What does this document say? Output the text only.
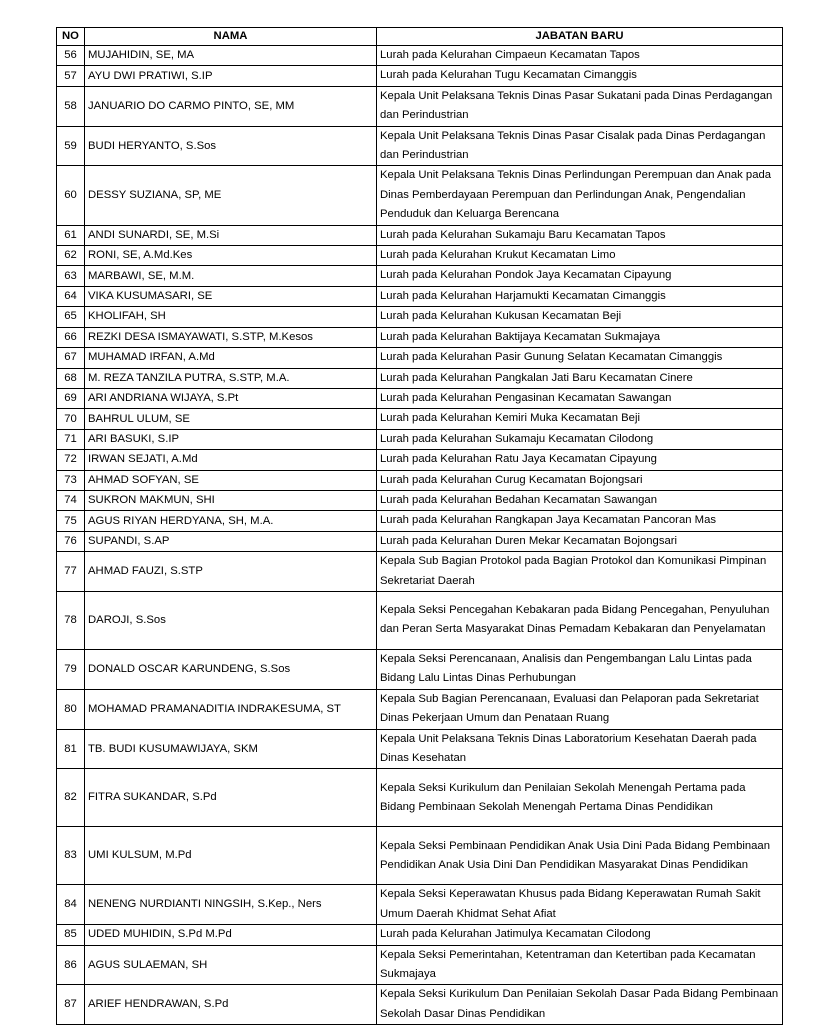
NO	NAMA	JABATAN BARU
56	MUJAHIDIN, SE, MA	Lurah pada Kelurahan Cimpaeun Kecamatan Tapos
57	AYU DWI PRATIWI, S.IP	Lurah pada Kelurahan Tugu Kecamatan Cimanggis
58	JANUARIO DO CARMO PINTO, SE, MM	Kepala Unit Pelaksana Teknis Dinas Pasar Sukatani pada Dinas Perdagangan dan Perindustrian
59	BUDI HERYANTO, S.Sos	Kepala Unit Pelaksana Teknis Dinas Pasar Cisalak pada Dinas Perdagangan dan Perindustrian
60	DESSY SUZIANA, SP, ME	Kepala Unit Pelaksana Teknis Dinas Perlindungan Perempuan dan Anak pada Dinas Pemberdayaan Perempuan dan Perlindungan Anak, Pengendalian Penduduk dan Keluarga Berencana
61	ANDI SUNARDI, SE, M.Si	Lurah pada Kelurahan Sukamaju Baru Kecamatan Tapos
62	RONI, SE, A.Md.Kes	Lurah pada Kelurahan Krukut Kecamatan Limo
63	MARBAWI, SE, M.M.	Lurah pada Kelurahan Pondok Jaya Kecamatan Cipayung
64	VIKA KUSUMASARI, SE	Lurah pada Kelurahan Harjamukti Kecamatan Cimanggis
65	KHOLIFAH, SH	Lurah pada Kelurahan Kukusan Kecamatan Beji
66	REZKI DESA ISMAYAWATI, S.STP, M.Kesos	Lurah pada Kelurahan Baktijaya Kecamatan Sukmajaya
67	MUHAMAD IRFAN, A.Md	Lurah pada Kelurahan Pasir Gunung Selatan Kecamatan Cimanggis
68	M. REZA TANZILA PUTRA, S.STP, M.A.	Lurah pada Kelurahan Pangkalan Jati Baru Kecamatan Cinere
69	ARI ANDRIANA WIJAYA, S.Pt	Lurah pada Kelurahan Pengasinan Kecamatan Sawangan
70	BAHRUL ULUM, SE	Lurah pada Kelurahan Kemiri Muka Kecamatan Beji
71	ARI BASUKI, S.IP	Lurah pada Kelurahan Sukamaju Kecamatan Cilodong
72	IRWAN SEJATI, A.Md	Lurah pada Kelurahan Ratu Jaya Kecamatan Cipayung
73	AHMAD SOFYAN, SE	Lurah pada Kelurahan Curug Kecamatan Bojongsari
74	SUKRON MAKMUN, SHI	Lurah pada Kelurahan Bedahan Kecamatan Sawangan
75	AGUS RIYAN HERDYANA, SH, M.A.	Lurah pada Kelurahan Rangkapan Jaya Kecamatan Pancoran Mas
76	SUPANDI, S.AP	Lurah pada Kelurahan Duren Mekar Kecamatan Bojongsari
77	AHMAD FAUZI, S.STP	Kepala Sub Bagian Protokol pada Bagian Protokol dan Komunikasi Pimpinan Sekretariat Daerah
78	DAROJI, S.Sos	Kepala Seksi Pencegahan Kebakaran pada Bidang Pencegahan, Penyuluhan dan Peran Serta Masyarakat Dinas Pemadam Kebakaran dan Penyelamatan
79	DONALD OSCAR KARUNDENG, S.Sos	Kepala Seksi Perencanaan, Analisis dan Pengembangan Lalu Lintas pada Bidang Lalu Lintas Dinas Perhubungan
80	MOHAMAD PRAMANADITIA INDRAKESUMA, ST	Kepala Sub Bagian Perencanaan, Evaluasi dan Pelaporan pada Sekretariat Dinas Pekerjaan Umum dan Penataan Ruang
81	TB. BUDI KUSUMAWIJAYA, SKM	Kepala Unit Pelaksana Teknis Dinas Laboratorium Kesehatan Daerah pada Dinas Kesehatan
82	FITRA SUKANDAR, S.Pd	Kepala Seksi Kurikulum dan Penilaian Sekolah Menengah Pertama pada Bidang Pembinaan Sekolah Menengah Pertama Dinas Pendidikan
83	UMI KULSUM, M.Pd	Kepala Seksi Pembinaan Pendidikan Anak Usia Dini Pada Bidang Pembinaan Pendidikan Anak Usia Dini Dan Pendidikan Masyarakat Dinas Pendidikan
84	NENENG NURDIANTI NINGSIH, S.Kep., Ners	Kepala Seksi Keperawatan Khusus pada Bidang Keperawatan Rumah Sakit Umum Daerah Khidmat Sehat Afiat
85	UDED MUHIDIN, S.Pd M.Pd	Lurah pada Kelurahan Jatimulya Kecamatan Cilodong
86	AGUS SULAEMAN, SH	Kepala Seksi Pemerintahan, Ketentraman dan Ketertiban pada Kecamatan Sukmajaya
87	ARIEF HENDRAWAN, S.Pd	Kepala Seksi Kurikulum Dan Penilaian Sekolah Dasar Pada Bidang Pembinaan Sekolah Dasar Dinas Pendidikan
